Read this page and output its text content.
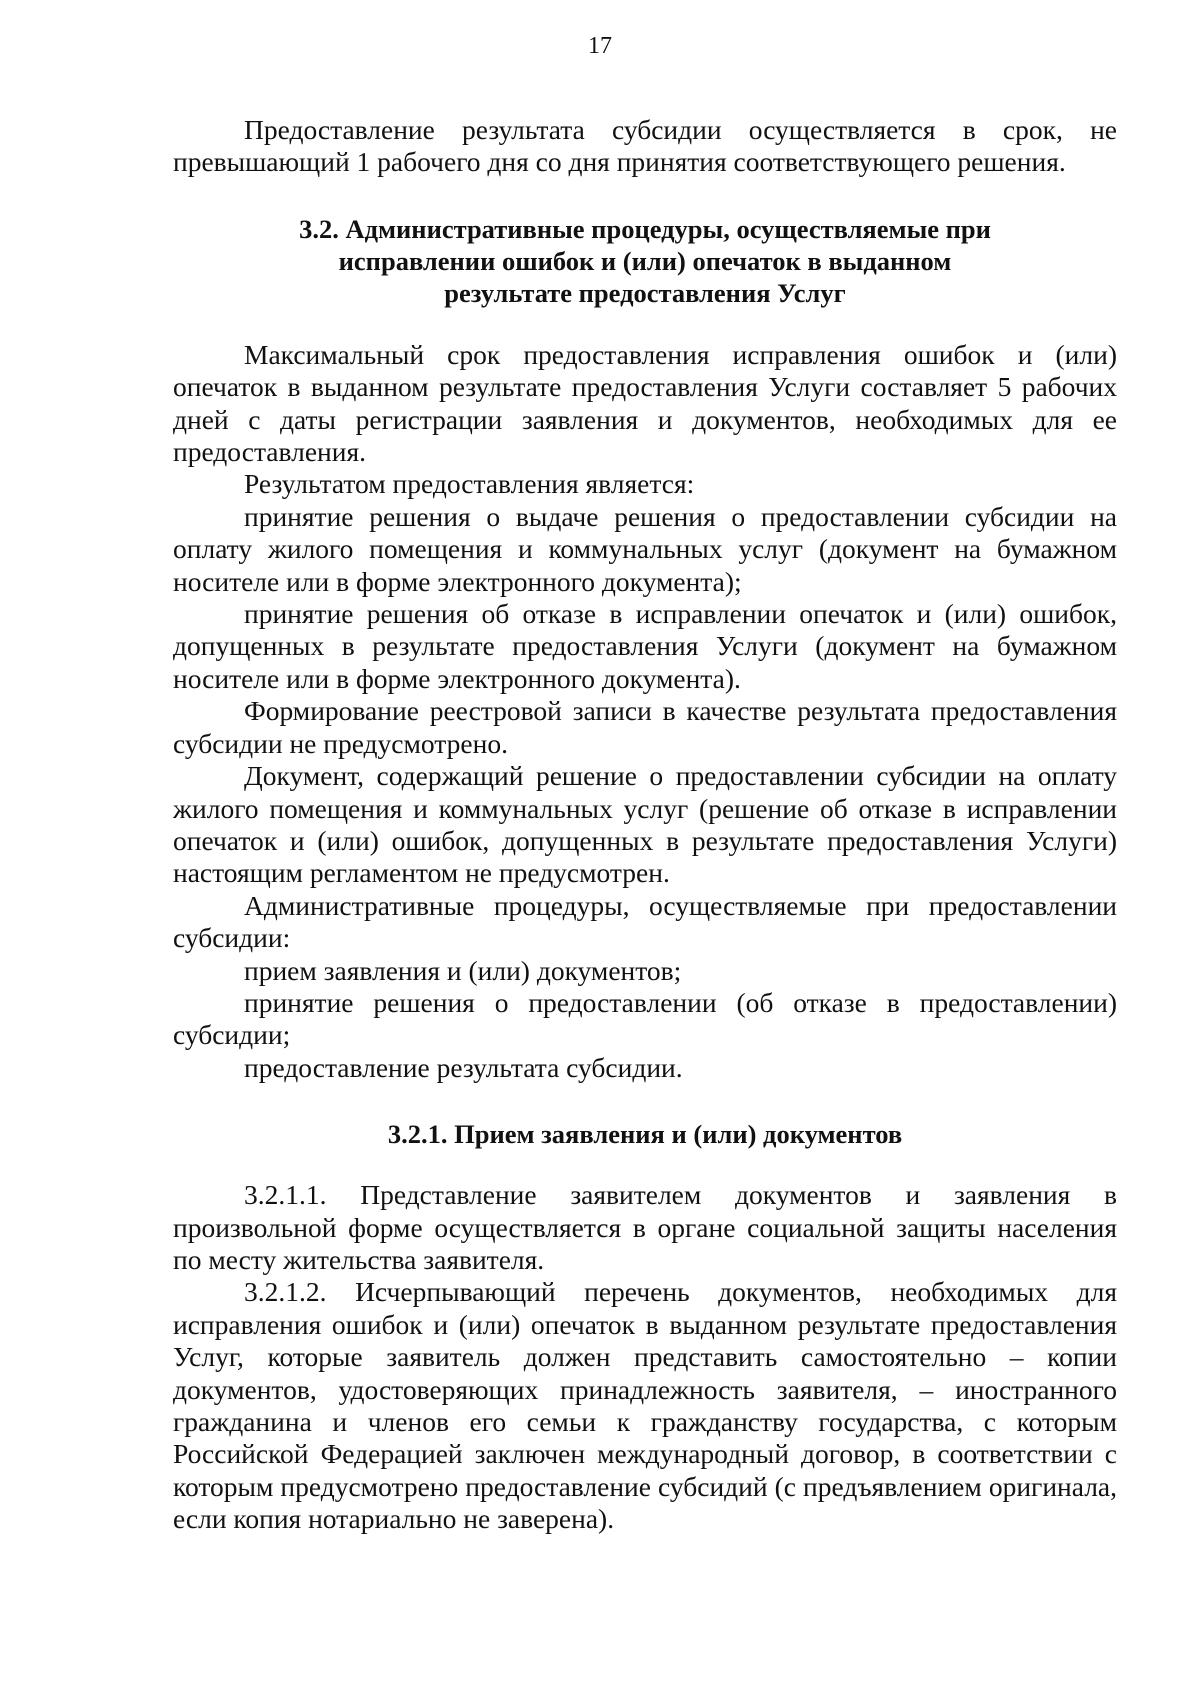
17

Предоставление результата субсидии осуществляется в срок, не превышающий 1 рабочего дня со дня принятия соответствующего решения.

3.2. Административные процедуры, осуществляемые при
исправлении ошибок и (или) опечаток в выданном
результате предоставления Услуг

Максимальный срок предоставления исправления ошибок и (или) опечаток в выданном результате предоставления Услуги составляет 5 рабочих дней с даты регистрации заявления и документов, необходимых для ее предоставления.

Результатом предоставления является:

принятие решения о выдаче решения о предоставлении субсидии на оплату жилого помещения и коммунальных услуг (документ на бумажном носителе или в форме электронного документа);

принятие решения об отказе в исправлении опечаток и (или) ошибок, допущенных в результате предоставления Услуги (документ на бумажном носителе или в форме электронного документа).

Формирование реестровой записи в качестве результата предоставления субсидии не предусмотрено.

Документ, содержащий решение о предоставлении субсидии на оплату жилого помещения и коммунальных услуг (решение об отказе в исправлении опечаток и (или) ошибок, допущенных в результате предоставления Услуги) настоящим регламентом не предусмотрен.

Административные процедуры, осуществляемые при предоставлении субсидии:

прием заявления и (или) документов;

принятие решения о предоставлении (об отказе в предоставлении) субсидии;

предоставление результата субсидии.

3.2.1. Прием заявления и (или) документов

3.2.1.1. Представление заявителем документов и заявления в произвольной форме осуществляется в органе социальной защиты населения по месту жительства заявителя.

3.2.1.2. Исчерпывающий перечень документов, необходимых для исправления ошибок и (или) опечаток в выданном результате предоставления Услуг, которые заявитель должен представить самостоятельно – копии документов, удостоверяющих принадлежность заявителя, – иностранного гражданина и членов его семьи к гражданству государства, с которым Российской Федерацией заключен международный договор, в соответствии с которым предусмотрено предоставление субсидий (с предъявлением оригинала, если копия нотариально не заверена).
